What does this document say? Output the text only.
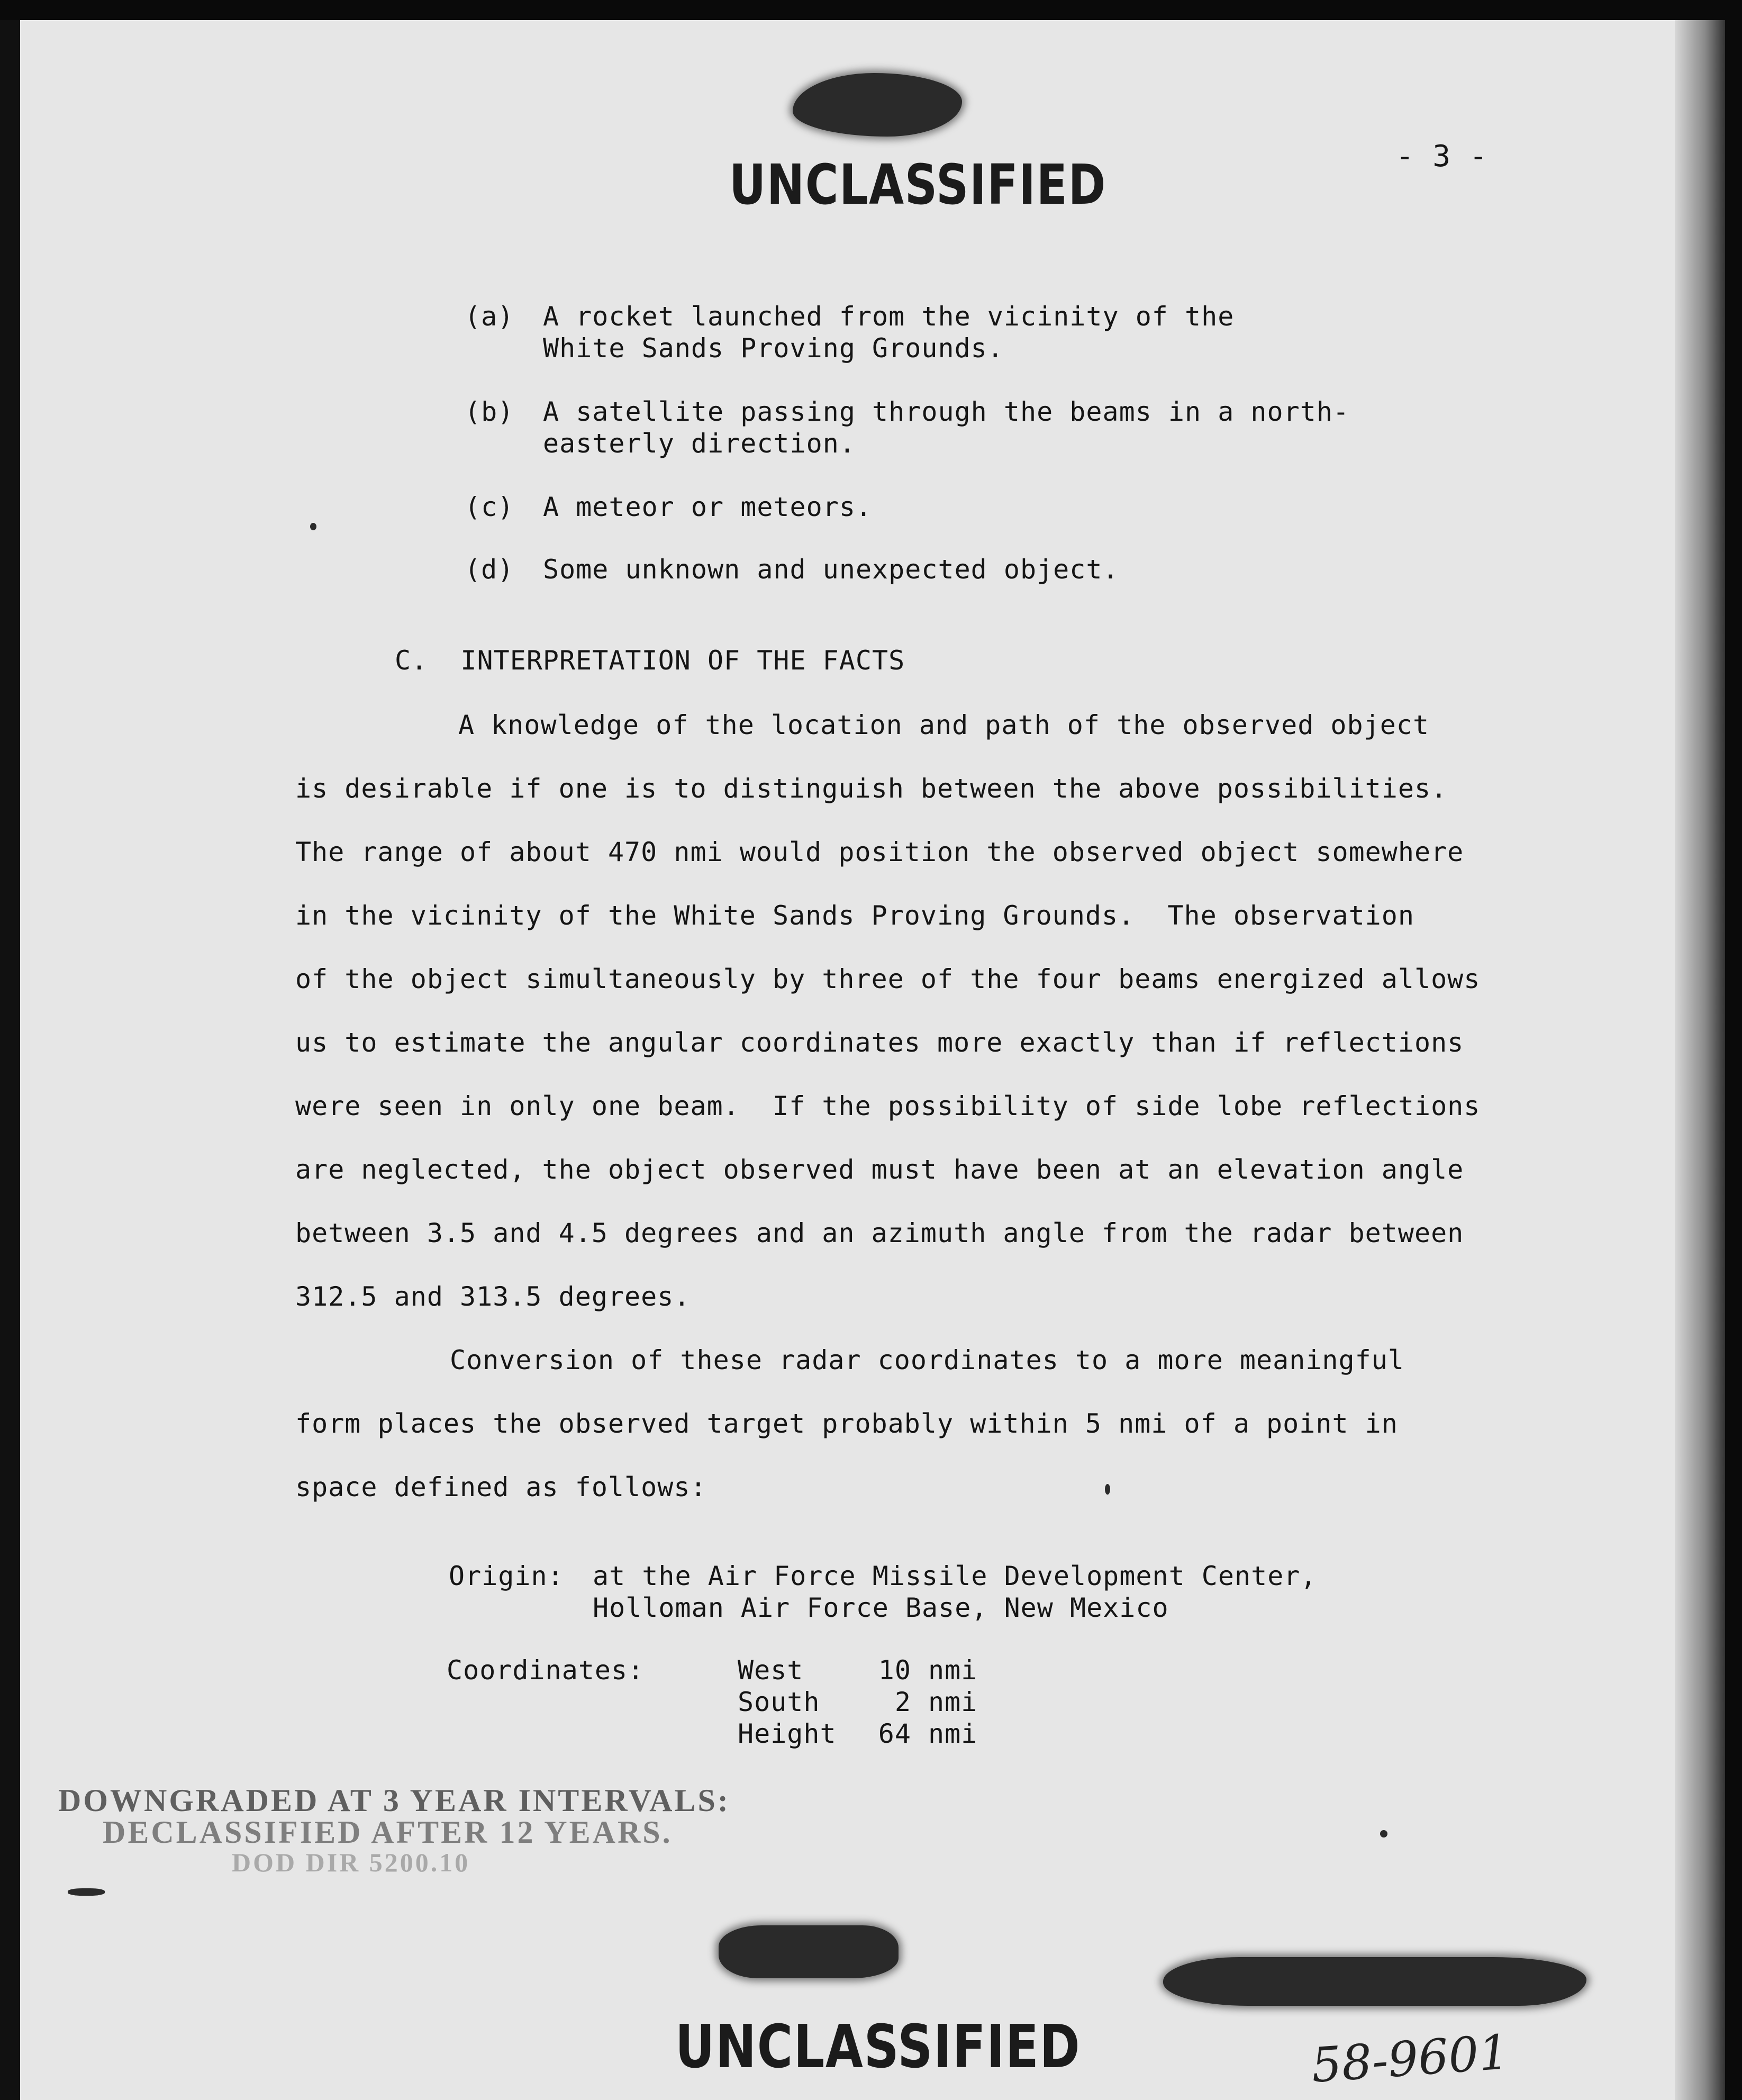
UNCLASSIFIED	- 3 -
(a) A rocket launched from the vicinity of the
White Sands Proving Grounds.
(b) A satellite passing through the beams in a north-
easterly direction.
(c) A meteor or meteors.
(d) Some unknown and unexpected object.
C.  INTERPRETATION OF THE FACTS
A knowledge of the location and path of the observed object
is desirable if one is to distinguish between the above possibilities.
The range of about 470 nmi would position the observed object somewhere
in the vicinity of the White Sands Proving Grounds.  The observation
of the object simultaneously by three of the four beams energized allows
us to estimate the angular coordinates more exactly than if reflections
were seen in only one beam.  If the possibility of side lobe reflections
are neglected, the object observed must have been at an elevation angle
between 3.5 and 4.5 degrees and an azimuth angle from the radar between
312.5 and 313.5 degrees.
Conversion of these radar coordinates to a more meaningful
form places the observed target probably within 5 nmi of a point in
space defined as follows:
Origin: at the Air Force Missile Development Center,
Holloman Air Force Base, New Mexico
Coordinates:	West	10 nmi
South	2 nmi
Height 64 nmi
DOWNGRADED AT 3 YEAR INTERVALS:
DECLASSIFIED AFTER 12 YEARS.
DOD DIR 5200.10
UNCLASSIFIED	58-9601
